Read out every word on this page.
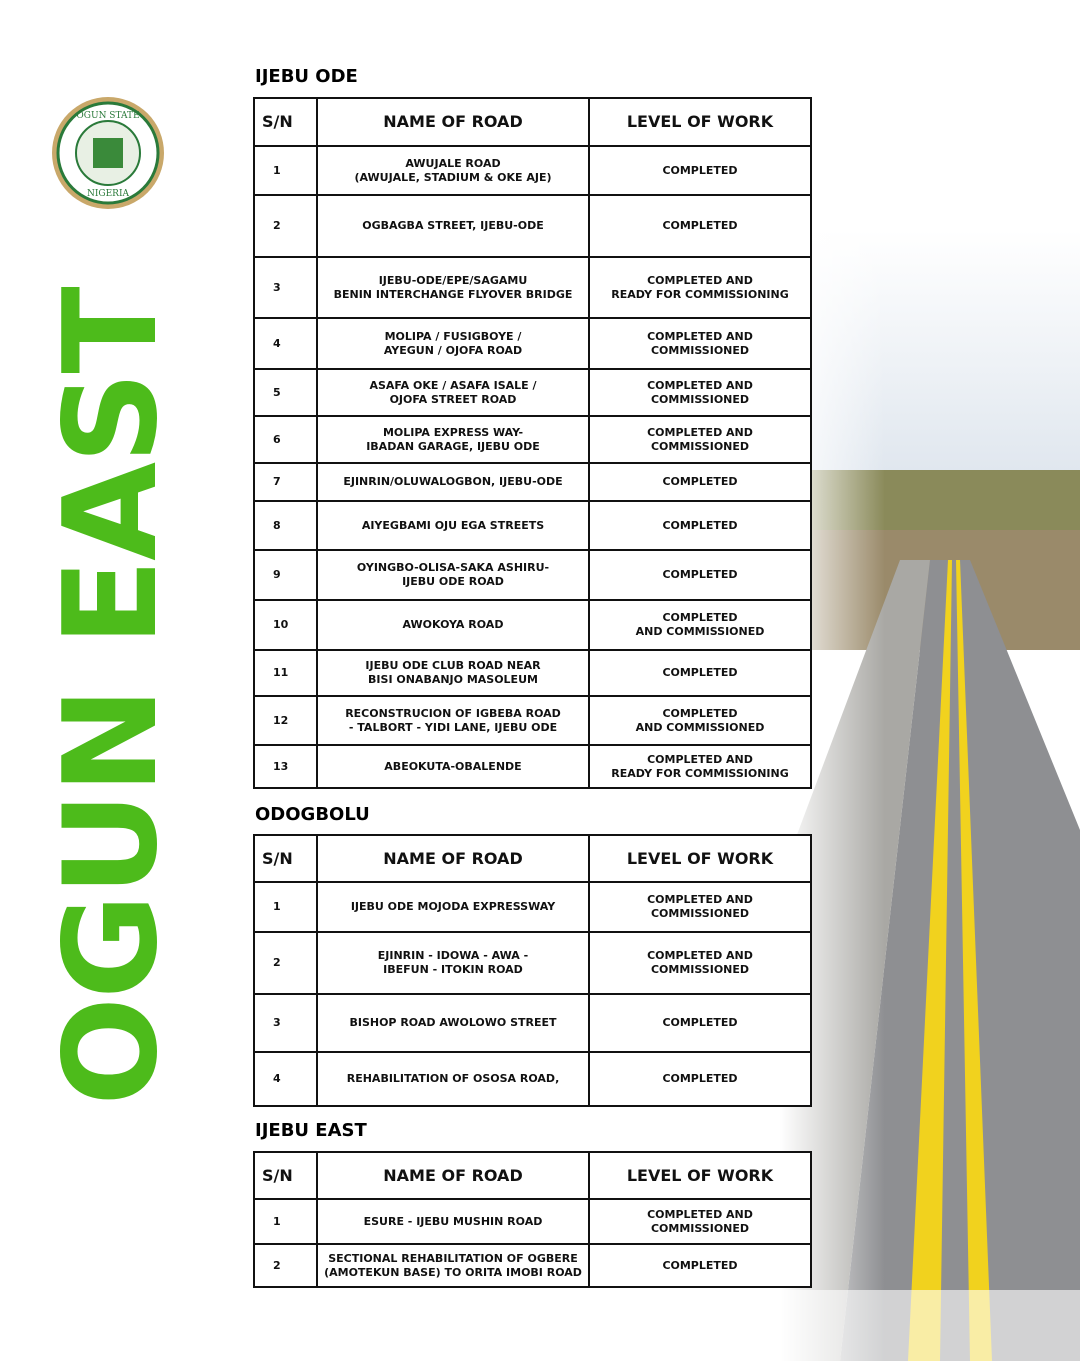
OGUN STATE
NIGERIA
OGUN EAST
IJEBU ODE
S/N	NAME OF ROAD	LEVEL OF WORK
1	AWUJALE ROAD
(AWUJALE, STADIUM & OKE AJE)	COMPLETED
2	OGBAGBA STREET, IJEBU-ODE	COMPLETED
3	IJEBU-ODE/EPE/SAGAMU
BENIN INTERCHANGE FLYOVER BRIDGE	COMPLETED AND
READY FOR COMMISSIONING
4	MOLIPA / FUSIGBOYE /
AYEGUN / OJOFA ROAD	COMPLETED AND
COMMISSIONED
5	ASAFA OKE / ASAFA ISALE /
OJOFA STREET ROAD	COMPLETED AND
COMMISSIONED
6	MOLIPA EXPRESS WAY-
IBADAN GARAGE, IJEBU ODE	COMPLETED AND
COMMISSIONED
7	EJINRIN/OLUWALOGBON, IJEBU-ODE	COMPLETED
8	AIYEGBAMI OJU EGA STREETS	COMPLETED
9	OYINGBO-OLISA-SAKA ASHIRU-
IJEBU ODE ROAD	COMPLETED
10	AWOKOYA ROAD	COMPLETED
AND COMMISSIONED
11	IJEBU ODE CLUB ROAD NEAR
BISI ONABANJO MASOLEUM	COMPLETED
12	RECONSTRUCION OF IGBEBA ROAD
- TALBORT - YIDI LANE, IJEBU ODE	COMPLETED
AND COMMISSIONED
13	ABEOKUTA-OBALENDE	COMPLETED AND
READY FOR COMMISSIONING
ODOGBOLU
S/N	NAME OF ROAD	LEVEL OF WORK
1	IJEBU ODE MOJODA EXPRESSWAY	COMPLETED AND
COMMISSIONED
2	EJINRIN - IDOWA - AWA -
IBEFUN - ITOKIN ROAD	COMPLETED AND
COMMISSIONED
3	BISHOP ROAD AWOLOWO STREET	COMPLETED
4	REHABILITATION OF OSOSA ROAD,	COMPLETED
IJEBU EAST
S/N	NAME OF ROAD	LEVEL OF WORK
1	ESURE - IJEBU MUSHIN ROAD	COMPLETED AND
COMMISSIONED
2	SECTIONAL REHABILITATION OF OGBERE
(AMOTEKUN BASE) TO ORITA IMOBI ROAD	COMPLETED
